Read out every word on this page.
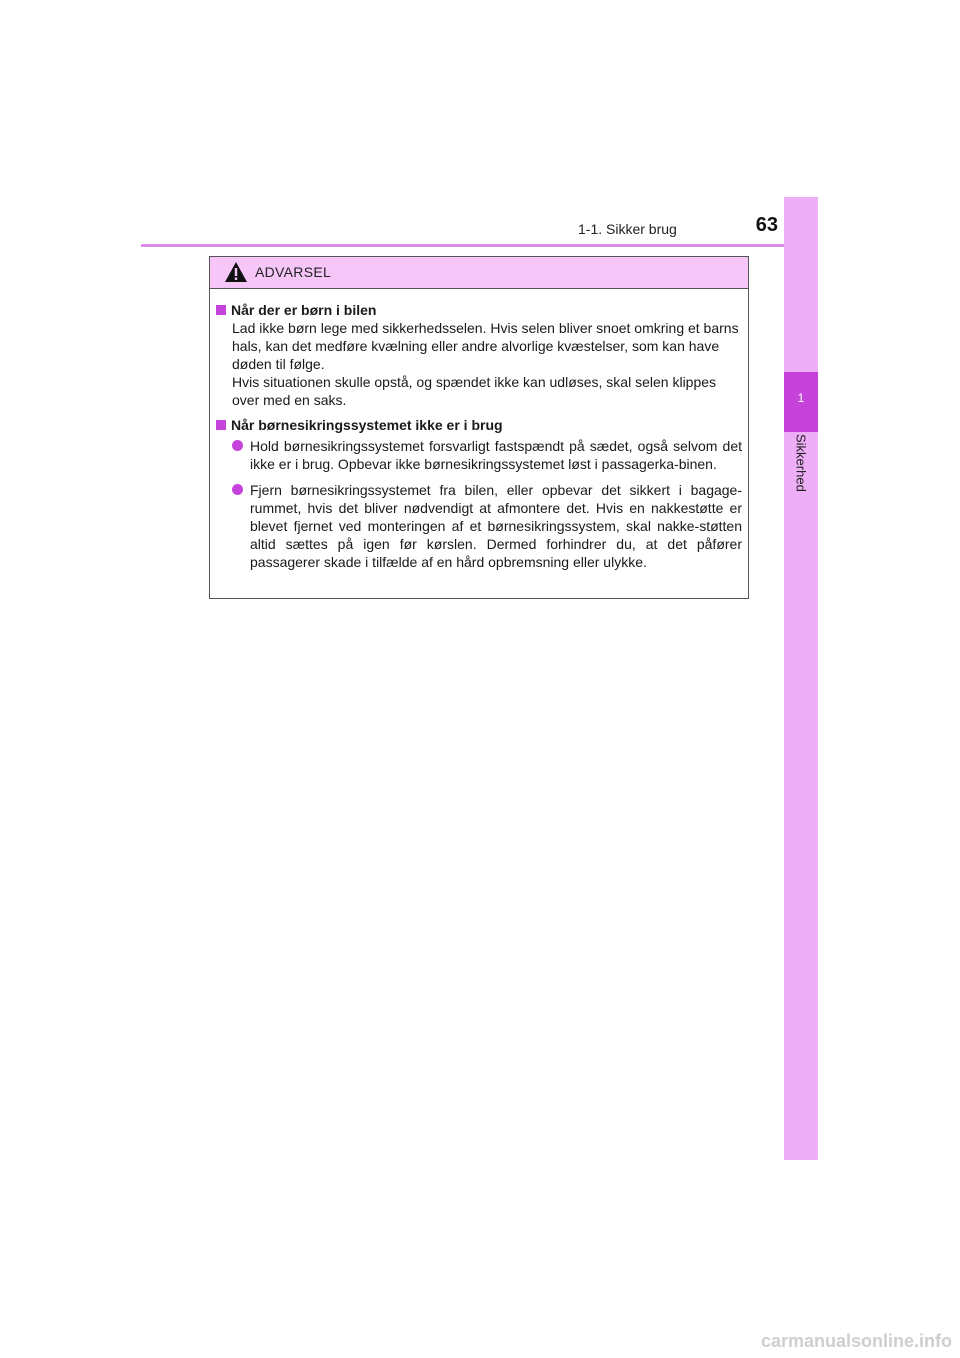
1-1. Sikker brug	63
1
Sikkerhed
ADVARSEL
Når der er børn i bilen

Lad ikke børn lege med sikkerhedsselen. Hvis selen bliver snoet omkring et barns hals, kan det medføre kvælning eller andre alvorlige kvæstelser, som kan have døden til følge.

Hvis situationen skulle opstå, og spændet ikke kan udløses, skal selen klippes over med en saks.

Når børnesikringssystemet ikke er i brug
Hold børnesikringssystemet forsvarligt fastspændt på sædet, også selvom det ikke er i brug. Opbevar ikke børnesikringssystemet løst i passagerka-binen.
Fjern børnesikringssystemet fra bilen, eller opbevar det sikkert i bagage-rummet, hvis det bliver nødvendigt at afmontere det. Hvis en nakkestøtte er blevet fjernet ved monteringen af et børnesikringssystem, skal nakke-støtten altid sættes på igen før kørslen. Dermed forhindrer du, at det påfører passagerer skade i tilfælde af en hård opbremsning eller ulykke.
carmanualsonline.info
